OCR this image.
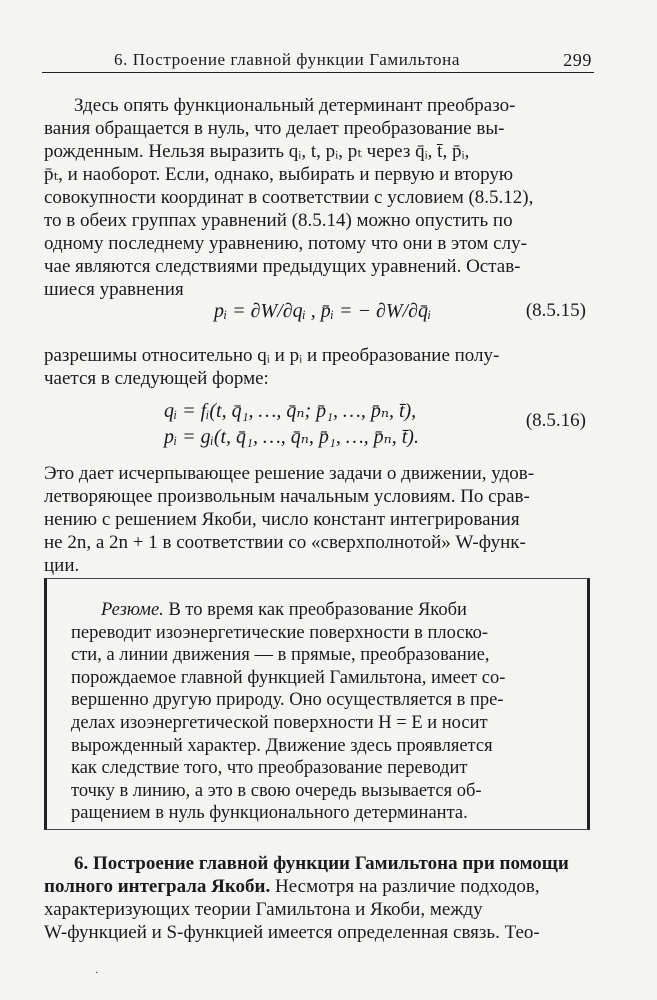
6. Построение главной функции Гамильтона	299
Здесь опять функциональный детерминант преобразо-
вания обращается в нуль, что делает преобразование вы-
рожденным. Нельзя выразить qᵢ, t, pᵢ, pₜ через q̄ᵢ, t̄, p̄ᵢ,
p̄ₜ, и наоборот. Если, однако, выбирать и первую и вторую
совокупности координат в соответствии с условием (8.5.12),
то в обеих группах уравнений (8.5.14) можно опустить по
одному последнему уравнению, потому что они в этом слу-
чае являются следствиями предыдущих уравнений. Остав-
шиеся уравнения
pᵢ = ∂W/∂qᵢ , p̄ᵢ = − ∂W/∂q̄ᵢ	(8.5.15)
разрешимы относительно qᵢ и pᵢ и преобразование полу-
чается в следующей форме:
qᵢ = fᵢ(t, q̄₁, …, q̄ₙ; p̄₁, …, p̄ₙ, t̄),
pᵢ = gᵢ(t, q̄₁, …, q̄ₙ, p̄₁, …, p̄ₙ, t̄).
(8.5.16)
Это дает исчерпывающее решение задачи о движении, удов-
летворяющее произвольным начальным условиям. По срав-
нению с решением Якоби, число констант интегрирования
не 2n, а 2n + 1 в соответствии со «сверхполнотой» W-функ-
ции.
Резюме. В то время как преобразование Якоби
переводит изоэнергетические поверхности в плоско-
сти, а линии движения — в прямые, преобразование,
порождаемое главной функцией Гамильтона, имеет со-
вершенно другую природу. Оно осуществляется в пре-
делах изоэнергетической поверхности H = E и носит
вырожденный характер. Движение здесь проявляется
как следствие того, что преобразование переводит
точку в линию, а это в свою очередь вызывается об-
ращением в нуль функционального детерминанта.
6. Построение главной функции Гамильтона при помощи
полного интеграла Якоби. Несмотря на различие подходов,
характеризующих теории Гамильтона и Якоби, между
W-функцией и S-функцией имеется определенная связь. Тео-
·
